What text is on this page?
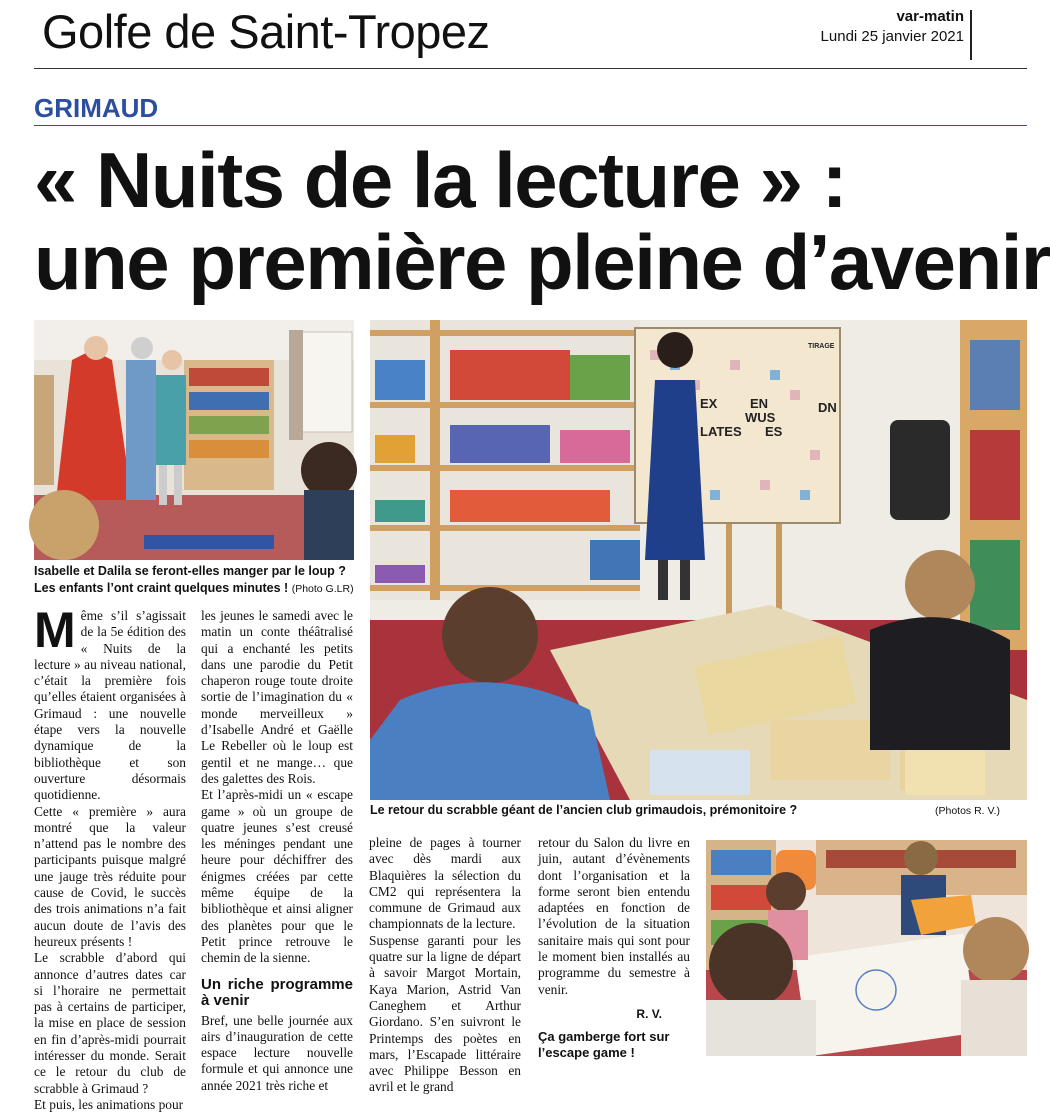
Golfe de Saint-Tropez	var-matin
Lundi 25 janvier 2021
GRIMAUD
« Nuits de la lecture » :
une première pleine d’avenir
Isabelle et Dalila se feront-elles manger par le loup ?
Les enfants l’ont craint quelques minutes ! (Photo G.LR)
EX	EN
WUS
DN
LATES ES
TIRAGE
Le retour du scrabble géant de l’ancien club grimaudois, prémonitoire ?	(Photos R. V.)
Même s’il s’agissait de la 5e édition des « Nuits de la lecture » au niveau national, c’était la première fois qu’elles étaient organisées à Grimaud : une nouvelle étape vers la nouvelle dynamique de la bibliothèque et son ouverture désormais quotidienne.

Cette « première » aura montré que la valeur n’attend pas le nombre des participants puisque malgré une jauge très réduite pour cause de Covid, le succès des trois animations n’a fait aucun doute de l’avis des heureux présents !

Le scrabble d’abord qui annonce d’autres dates car si l’horaire ne permettait pas à certains de participer, la mise en place de session en fin d’après-midi pourrait intéresser du monde. Serait ce le retour du club de scrabble à Grimaud ?

Et puis, les animations pour

les jeunes le samedi avec le matin un conte théâtralisé qui a enchanté les petits dans une parodie du Petit chaperon rouge toute droite sortie de l’imagination du « monde merveilleux » d’Isabelle André et Gaëlle Le Rebeller où le loup est gentil et ne mange… que des galettes des Rois.

Et l’après-midi un « escape game » où un groupe de quatre jeunes s’est creusé les méninges pendant une heure pour déchiffrer des énigmes créées par cette même équipe de la bibliothèque et ainsi aligner des planètes pour que le Petit prince retrouve le chemin de la sienne.

Un riche programme à venir

Bref, une belle journée aux airs d’inauguration de cette espace lecture nouvelle formule et qui annonce une année 2021 très riche et

pleine de pages à tourner avec dès mardi aux Blaquières la sélection du CM2 qui représentera la commune de Grimaud aux championnats de la lecture.

Suspense garanti pour les quatre sur la ligne de départ à savoir Margot Mortain, Kaya Marion, Astrid Van Caneghem et Arthur Giordano. S’en suivront le Printemps des poètes en mars, l’Escapade littéraire avec Philippe Besson en avril et le grand

retour du Salon du livre en juin, autant d’évènements dont l’organisation et la forme seront bien entendu adaptées en fonction de l’évolution de la situation sanitaire mais qui sont pour le moment bien installés au programme du semestre à venir.

R. V.
Ça gamberge fort sur l’escape game !
